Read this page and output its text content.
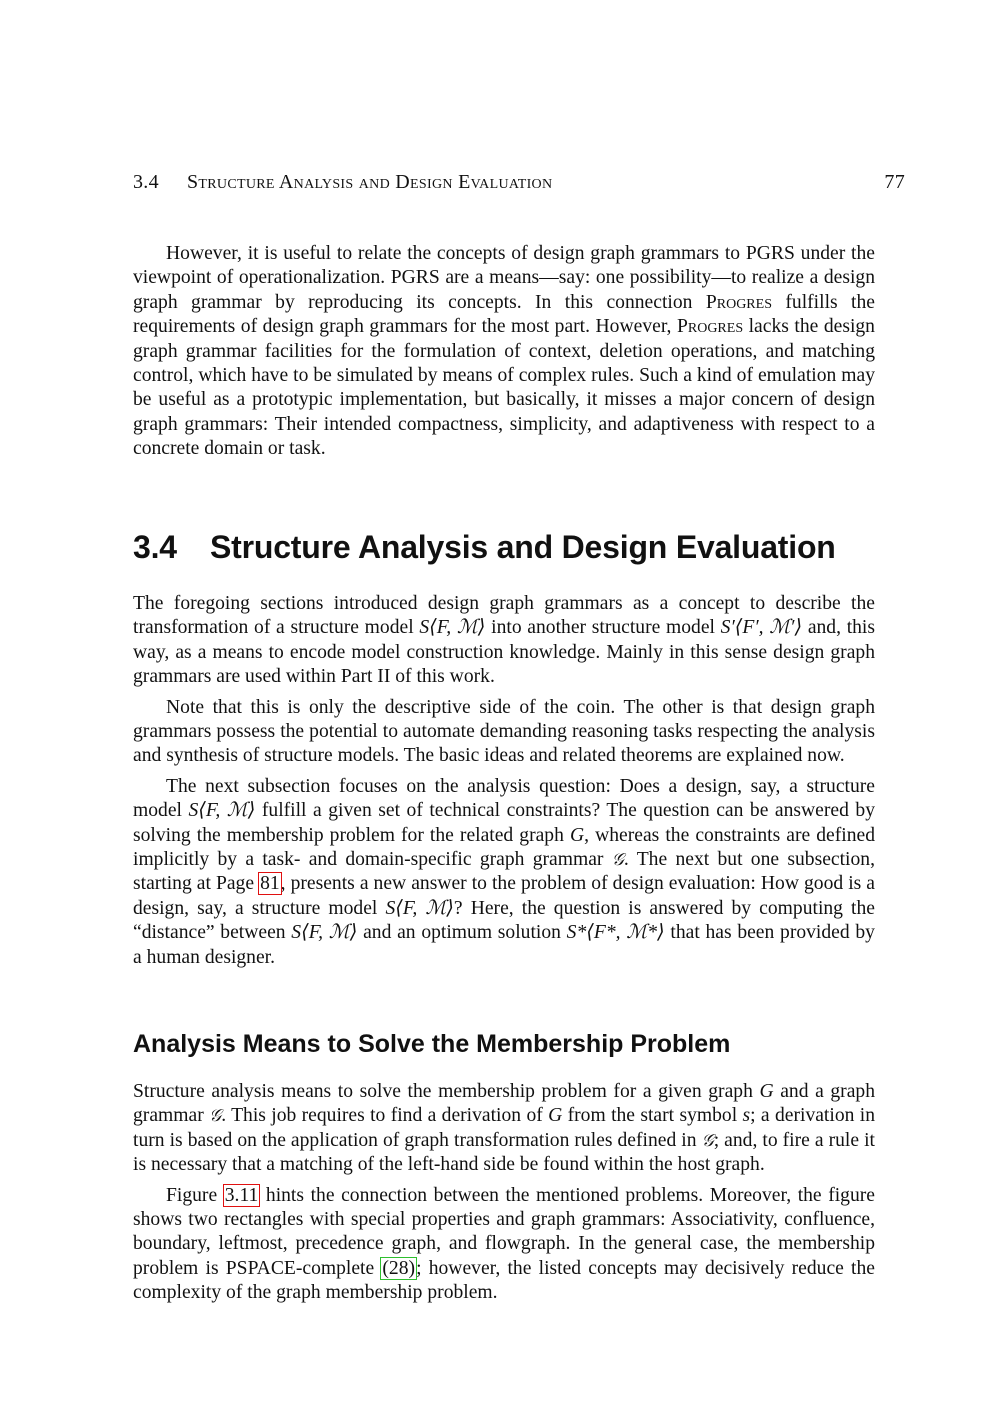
3.4 Structure Analysis and Design Evaluation	77

However, it is useful to relate the concepts of design graph grammars to PGRS under the viewpoint of operationalization. PGRS are a means—say: one possibility—to realize a design graph grammar by reproducing its concepts. In this connection Progres fulfills the requirements of design graph grammars for the most part. However, Progres lacks the design graph grammar facilities for the formulation of context, deletion operations, and matching control, which have to be simulated by means of complex rules. Such a kind of emulation may be useful as a prototypic implementation, but basically, it misses a major concern of design graph grammars: Their intended compactness, simplicity, and adaptiveness with respect to a concrete domain or task.

3.4 Structure Analysis and Design Evaluation

The foregoing sections introduced design graph grammars as a concept to describe the transformation of a structure model S⟨F, ℳ⟩ into another structure model S′⟨F′, ℳ′⟩ and, this way, as a means to encode model construction knowledge. Mainly in this sense design graph grammars are used within Part II of this work.

Note that this is only the descriptive side of the coin. The other is that design graph grammars possess the potential to automate demanding reasoning tasks respecting the analysis and synthesis of structure models. The basic ideas and related theorems are explained now.

The next subsection focuses on the analysis question: Does a design, say, a structure model S⟨F, ℳ⟩ fulfill a given set of technical constraints? The question can be answered by solving the membership problem for the related graph G, whereas the constraints are defined implicitly by a task- and domain-specific graph grammar 𝒢. The next but one subsection, starting at Page 81, presents a new answer to the problem of design evaluation: How good is a design, say, a structure model S⟨F, ℳ⟩? Here, the question is answered by computing the “distance” between S⟨F, ℳ⟩ and an optimum solution S*⟨F*, ℳ*⟩ that has been provided by a human designer.

Analysis Means to Solve the Membership Problem

Structure analysis means to solve the membership problem for a given graph G and a graph grammar 𝒢. This job requires to find a derivation of G from the start symbol s; a derivation in turn is based on the application of graph transformation rules defined in 𝒢; and, to fire a rule it is necessary that a matching of the left-hand side be found within the host graph.

Figure 3.11 hints the connection between the mentioned problems. Moreover, the figure shows two rectangles with special properties and graph grammars: Associativity, confluence, boundary, leftmost, precedence graph, and flowgraph. In the general case, the membership problem is PSPACE-complete (28); however, the listed concepts may decisively reduce the complexity of the graph membership problem.
